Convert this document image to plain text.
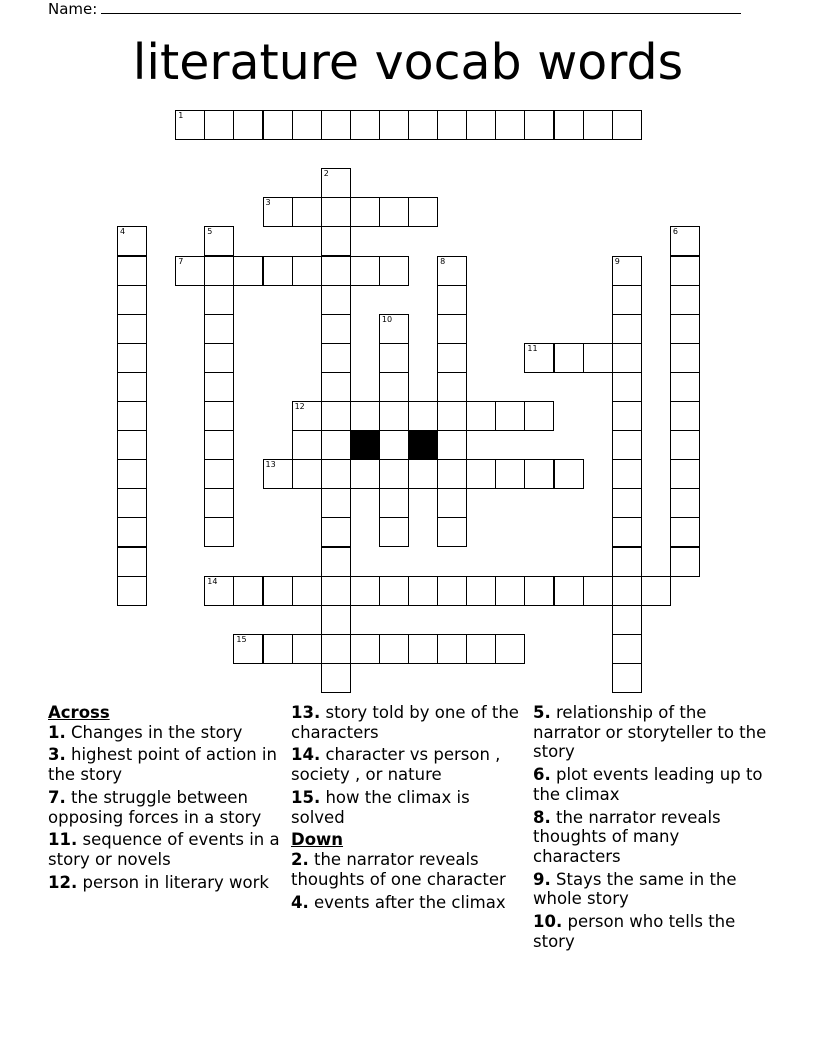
Name:
literature vocab words
1
2
3
4	5	6
7	8	9
10
11
12
13
14
15
Across
1. Changes in the story
3. highest point of action in the story
7. the struggle between opposing forces in a story
11. sequence of events in a story or novels
12. person in literary work
13. story told by one of the characters
14. character vs person , society , or nature
15. how the climax is solved
Down
2. the narrator reveals thoughts of one character
4. events after the climax
5. relationship of the narrator or storyteller to the story
6. plot events leading up to the climax
8. the narrator reveals thoughts of many characters
9. Stays the same in the whole story
10. person who tells the story
